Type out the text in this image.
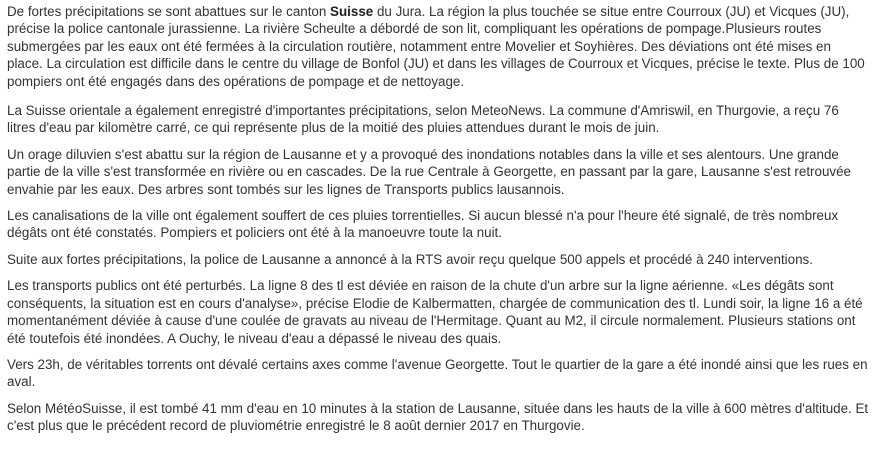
De fortes précipitations se sont abattues sur le canton Suisse du Jura. La région la plus touchée se situe entre Courroux (JU) et Vicques (JU), précise la police cantonale jurassienne. La rivière Scheulte a débordé de son lit, compliquant les opérations de pompage.Plusieurs routes submergées par les eaux ont été fermées à la circulation routière, notamment entre Movelier et Soyhières. Des déviations ont été mises en place. La circulation est difficile dans le centre du village de Bonfol (JU) et dans les villages de Courroux et Vicques, précise le texte. Plus de 100 pompiers ont été engagés dans des opérations de pompage et de nettoyage.

La Suisse orientale a également enregistré d'importantes précipitations, selon MeteoNews. La commune d'Amriswil, en Thurgovie, a reçu 76 litres d'eau par kilomètre carré, ce qui représente plus de la moitié des pluies attendues durant le mois de juin.

Un orage diluvien s'est abattu sur la région de Lausanne et y a provoqué des inondations notables dans la ville et ses alentours. Une grande partie de la ville s'est transformée en rivière ou en cascades. De la rue Centrale à Georgette, en passant par la gare, Lausanne s'est retrouvée envahie par les eaux. Des arbres sont tombés sur les lignes de Transports publics lausannois.

Les canalisations de la ville ont également souffert de ces pluies torrentielles. Si aucun blessé n'a pour l'heure été signalé, de très nombreux dégâts ont été constatés. Pompiers et policiers ont été à la manoeuvre toute la nuit.

Suite aux fortes précipitations, la police de Lausanne a annoncé à la RTS avoir reçu quelque 500 appels et procédé à 240 interventions.

Les transports publics ont été perturbés. La ligne 8 des tl est déviée en raison de la chute d'un arbre sur la ligne aérienne. «Les dégâts sont conséquents, la situation est en cours d'analyse», précise Elodie de Kalbermatten, chargée de communication des tl. Lundi soir, la ligne 16 a été momentanément déviée à cause d'une coulée de gravats au niveau de l'Hermitage. Quant au M2, il circule normalement. Plusieurs stations ont été toutefois été inondées. A Ouchy, le niveau d'eau a dépassé le niveau des quais.

Vers 23h, de véritables torrents ont dévalé certains axes comme l'avenue Georgette. Tout le quartier de la gare a été inondé ainsi que les rues en aval.

Selon MétéoSuisse, il est tombé 41 mm d'eau en 10 minutes à la station de Lausanne, située dans les hauts de la ville à 600 mètres d'altitude. Et c'est plus que le précédent record de pluviométrie enregistré le 8 août dernier 2017 en Thurgovie.
